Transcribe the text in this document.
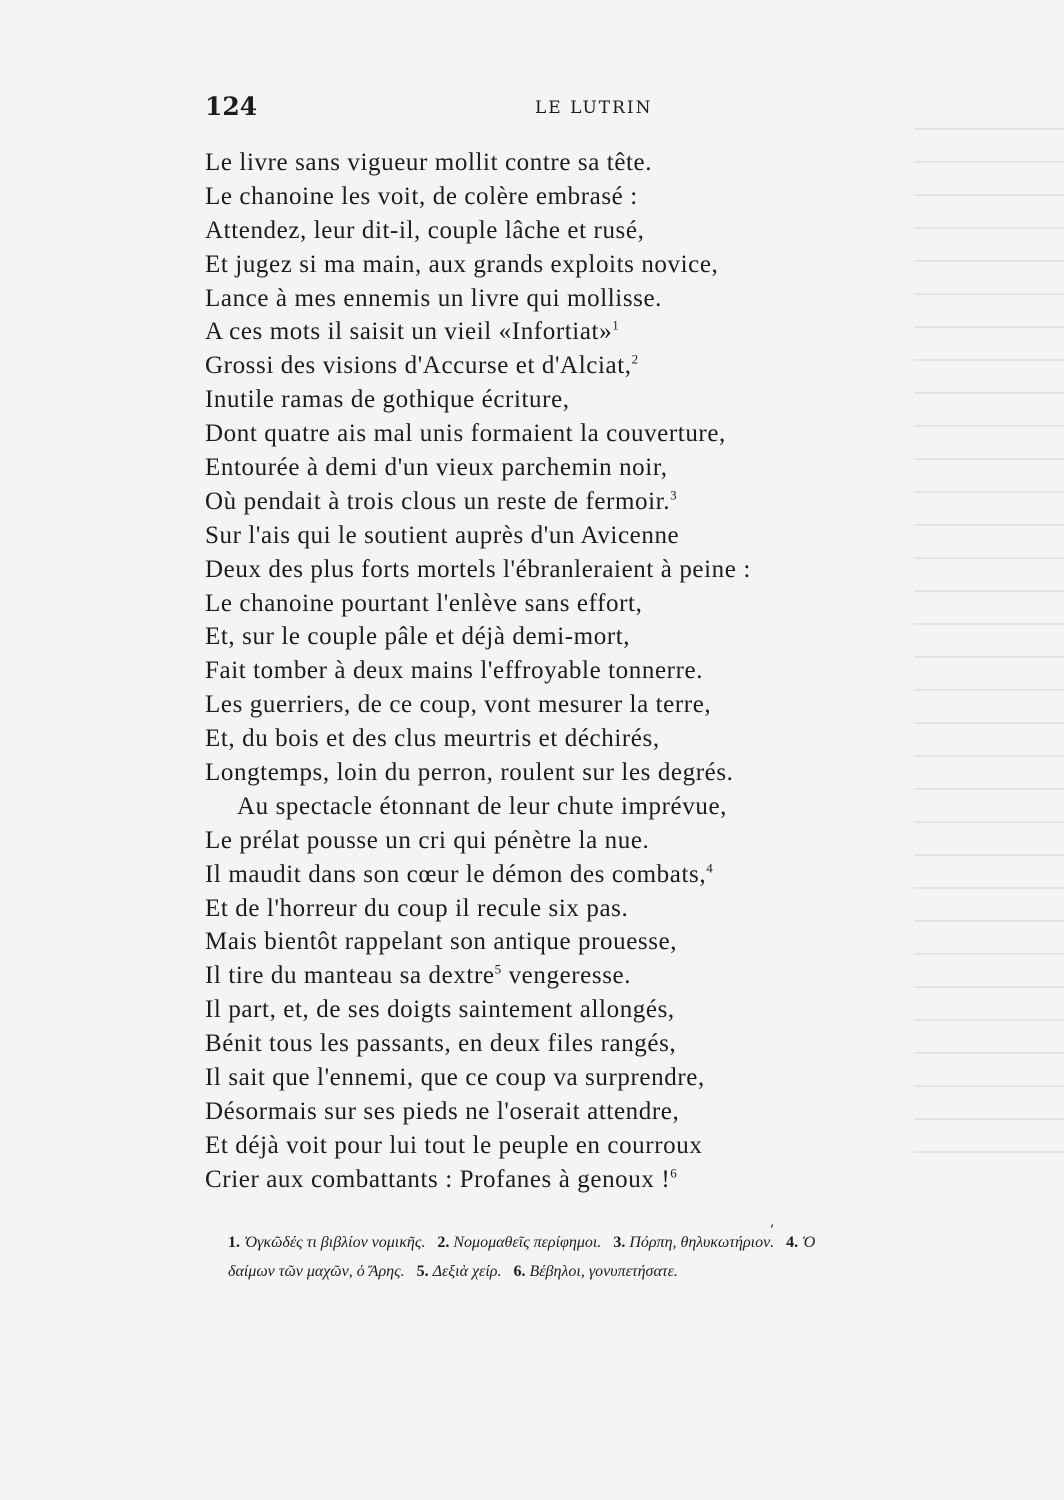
124	LE LUTRIN
Le livre sans vigueur mollit contre sa tête.
Le chanoine les voit, de colère embrasé :
Attendez, leur dit-il, couple lâche et rusé,
Et jugez si ma main, aux grands exploits novice,
Lance à mes ennemis un livre qui mollisse.
A ces mots il saisit un vieil «Infortiat»$^1$
Grossi des visions d'Accurse et d'Alciat,$^2$
Inutile ramas de gothique écriture,
Dont quatre ais mal unis formaient la couverture,
Entourée à demi d'un vieux parchemin noir,
Où pendait à trois clous un reste de fermoir.$^3$
Sur l'ais qui le soutient auprès d'un Avicenne
Deux des plus forts mortels l'ébranleraient à peine :
Le chanoine pourtant l'enlève sans effort,
Et, sur le couple pâle et déjà demi-mort,
Fait tomber à deux mains l'effroyable tonnerre.
Les guerriers, de ce coup, vont mesurer la terre,
Et, du bois et des clus meurtris et déchirés,
Longtemps, loin du perron, roulent sur les degrés.
Au spectacle étonnant de leur chute imprévue,
Le prélat pousse un cri qui pénètre la nue.
Il maudit dans son cœur le démon des combats,$^4$
Et de l'horreur du coup il recule six pas.
Mais bientôt rappelant son antique prouesse,
Il tire du manteau sa dextre$^5$ vengeresse.
Il part, et, de ses doigts saintement allongés,
Bénit tous les passants, en deux files rangés,
Il sait que l'ennemi, que ce coup va surprendre,
Désormais sur ses pieds ne l'oserait attendre,
Et déjà voit pour lui tout le peuple en courroux
Crier aux combattants : Profanes à genoux !$^6$
,
1. Ὀγκῶδές τι βιβλίον νομικῆς. 2. Νομομαθεῖς περίφημοι. 3. Πόρπη, θηλυκωτήριον. 4. Ὁ
δαίμων τῶν μαχῶν, ὁ Ἄρης. 5. Δεξιὰ χείρ. 6. Βέβηλοι, γονυπετήσατε.
